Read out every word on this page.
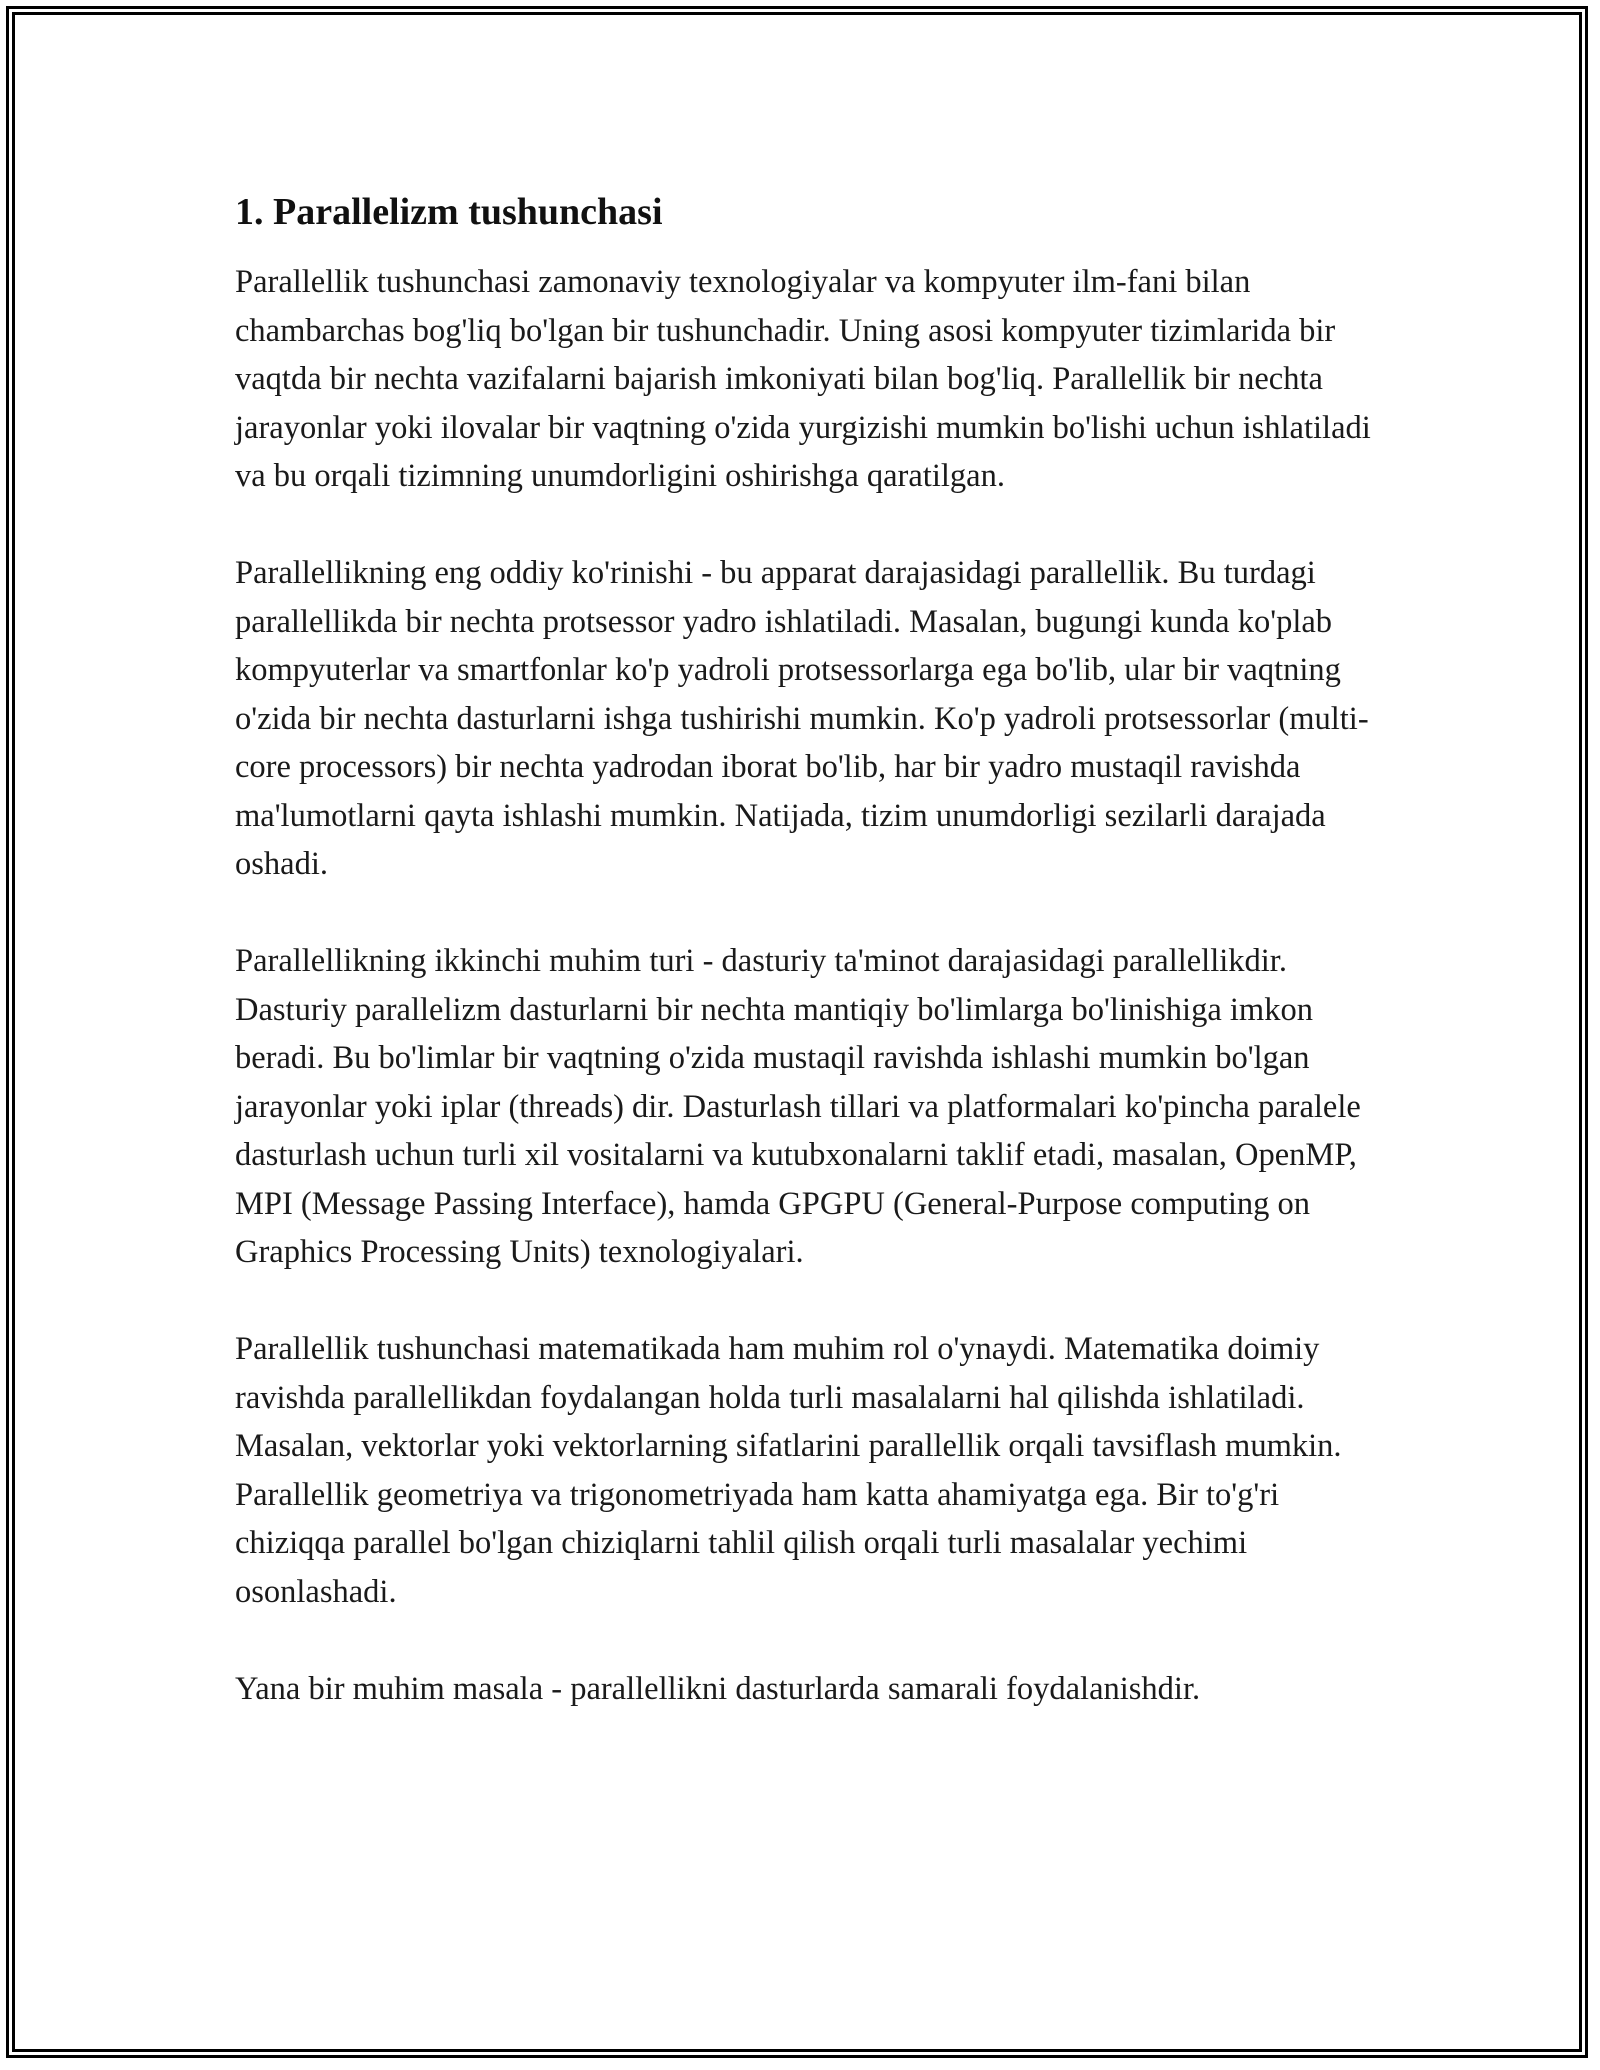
1. Parallelizm tushunchasi

Parallellik tushunchasi zamonaviy texnologiyalar va kompyuter ilm-fani bilan chambarchas bog'liq bo'lgan bir tushunchadir. Uning asosi kompyuter tizimlarida bir vaqtda bir nechta vazifalarni bajarish imkoniyati bilan bog'liq. Parallellik bir nechta jarayonlar yoki ilovalar bir vaqtning o'zida yurgizishi mumkin bo'lishi uchun ishlatiladi va bu orqali tizimning unumdorligini oshirishga qaratilgan.

Parallellikning eng oddiy ko'rinishi - bu apparat darajasidagi parallellik. Bu turdagi parallellikda bir nechta protsessor yadro ishlatiladi. Masalan, bugungi kunda ko'plab kompyuterlar va smartfonlar ko'p yadroli protsessorlarga ega bo'lib, ular bir vaqtning o'zida bir nechta dasturlarni ishga tushirishi mumkin. Ko'p yadroli protsessorlar (multi-core processors) bir nechta yadrodan iborat bo'lib, har bir yadro mustaqil ravishda ma'lumotlarni qayta ishlashi mumkin. Natijada, tizim unumdorligi sezilarli darajada oshadi.

Parallellikning ikkinchi muhim turi - dasturiy ta'minot darajasidagi parallellikdir. Dasturiy parallelizm dasturlarni bir nechta mantiqiy bo'limlarga bo'linishiga imkon beradi. Bu bo'limlar bir vaqtning o'zida mustaqil ravishda ishlashi mumkin bo'lgan jarayonlar yoki iplar (threads) dir. Dasturlash tillari va platformalari ko'pincha paralele dasturlash uchun turli xil vositalarni va kutubxonalarni taklif etadi, masalan, OpenMP, MPI (Message Passing Interface), hamda GPGPU (General-Purpose computing on Graphics Processing Units) texnologiyalari.

Parallellik tushunchasi matematikada ham muhim rol o'ynaydi. Matematika doimiy ravishda parallellikdan foydalangan holda turli masalalarni hal qilishda ishlatiladi. Masalan, vektorlar yoki vektorlarning sifatlarini parallellik orqali tavsiflash mumkin. Parallellik geometriya va trigonometriyada ham katta ahamiyatga ega. Bir to'g'ri chiziqqa parallel bo'lgan chiziqlarni tahlil qilish orqali turli masalalar yechimi osonlashadi.

Yana bir muhim masala - parallellikni dasturlarda samarali foydalanishdir.
